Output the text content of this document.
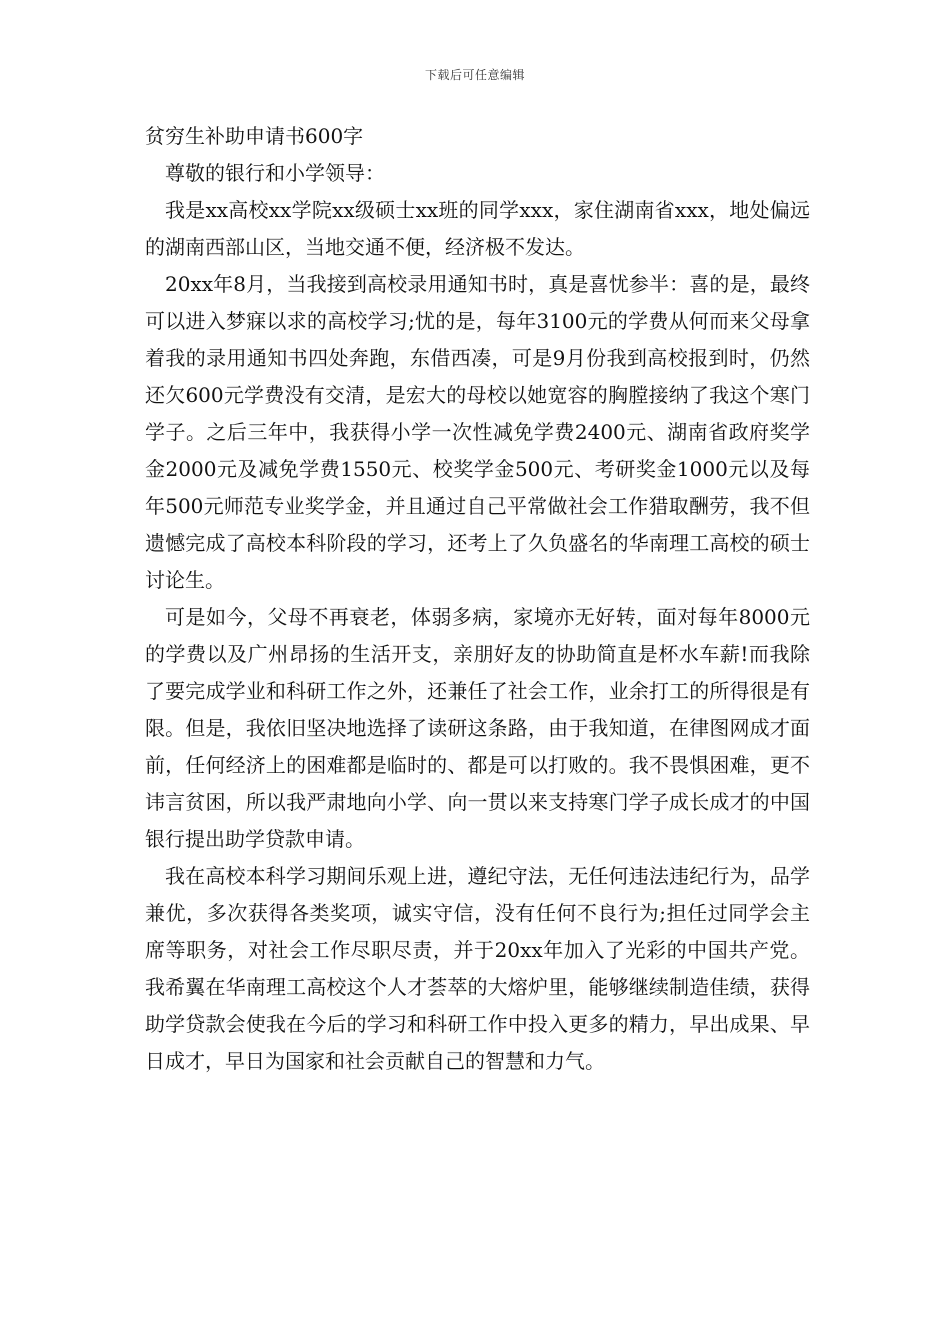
下载后可任意编辑

贫穷生补助申请书600字

尊敬的银行和小学领导：

我是xx高校xx学院xx级硕士xx班的同学xxx，家住湖南省xxx，地处偏远的湖南西部山区，当地交通不便，经济极不发达。

20xx年8月，当我接到高校录用通知书时，真是喜忧参半：喜的是，最终可以进入梦寐以求的高校学习;忧的是，每年3100元的学费从何而来父母拿着我的录用通知书四处奔跑，东借西凑，可是9月份我到高校报到时，仍然还欠600元学费没有交清，是宏大的母校以她宽容的胸膛接纳了我这个寒门学子。之后三年中，我获得小学一次性减免学费2400元、湖南省政府奖学金2000元及减免学费1550元、校奖学金500元、考研奖金1000元以及每年500元师范专业奖学金，并且通过自己平常做社会工作猎取酬劳，我不但遗憾完成了高校本科阶段的学习，还考上了久负盛名的华南理工高校的硕士讨论生。

可是如今，父母不再衰老，体弱多病，家境亦无好转，面对每年8000元的学费以及广州昂扬的生活开支，亲朋好友的协助简直是杯水车薪!而我除了要完成学业和科研工作之外，还兼任了社会工作，业余打工的所得很是有限。但是，我依旧坚决地选择了读研这条路，由于我知道，在律图网成才面前，任何经济上的困难都是临时的、都是可以打败的。我不畏惧困难，更不讳言贫困，所以我严肃地向小学、向一贯以来支持寒门学子成长成才的中国银行提出助学贷款申请。

我在高校本科学习期间乐观上进，遵纪守法，无任何违法违纪行为，品学兼优，多次获得各类奖项，诚实守信，没有任何不良行为;担任过同学会主席等职务，对社会工作尽职尽责，并于20xx年加入了光彩的中国共产党。我希翼在华南理工高校这个人才荟萃的大熔炉里，能够继续制造佳绩，获得助学贷款会使我在今后的学习和科研工作中投入更多的精力，早出成果、早日成才，早日为国家和社会贡献自己的智慧和力气。
